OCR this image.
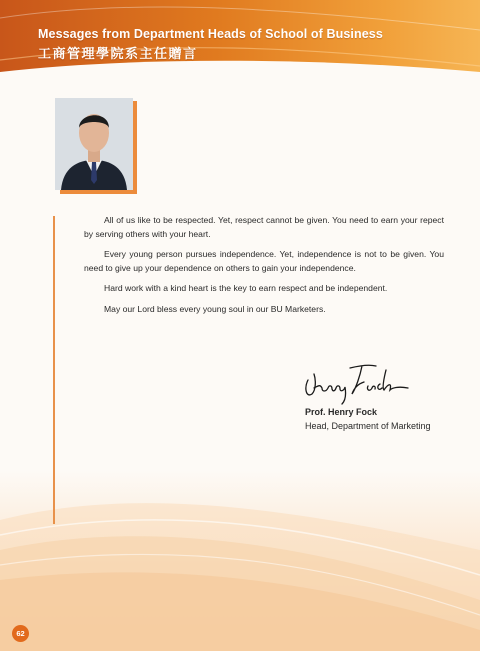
Messages from Department Heads of School of Business
工商管理學院系主任贈言

All of us like to be respected. Yet, respect cannot be given. You need to earn your repect by serving others with your heart.

Every young person pursues independence. Yet, independence is not to be given. You need to give up your dependence on others to gain your independence.

Hard work with a kind heart is the key to earn respect and be independent.

May our Lord bless every young soul in our BU Marketers.

Prof. Henry Fock
Head, Department of Marketing
62
